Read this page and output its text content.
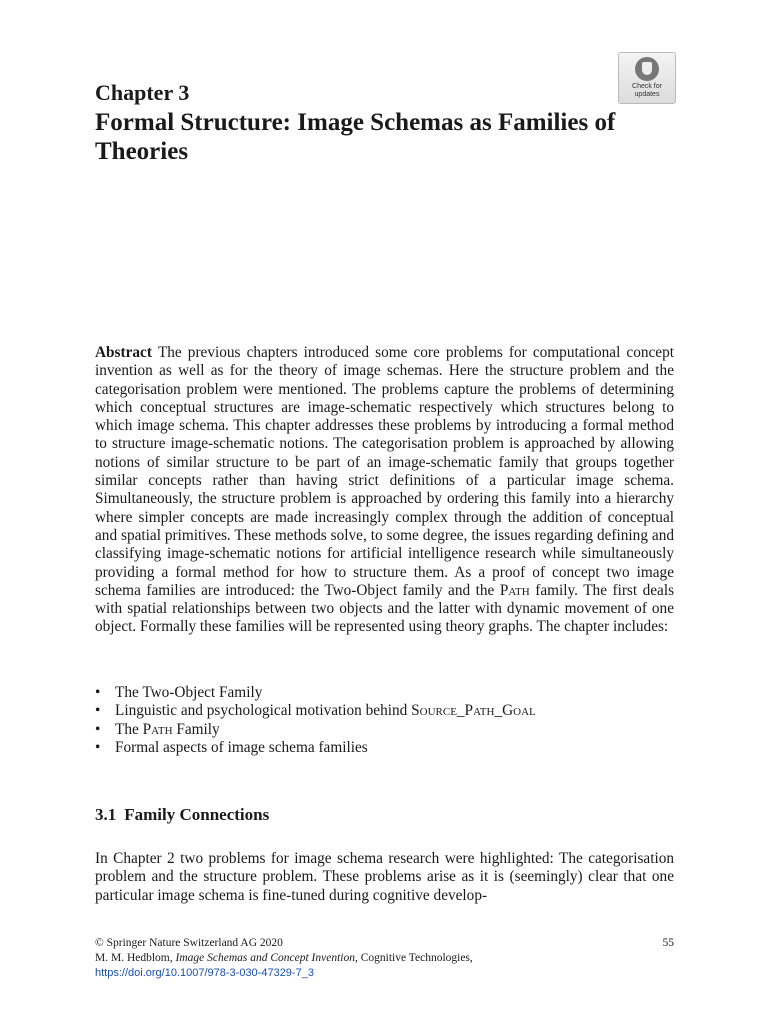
Chapter 3
Formal Structure: Image Schemas as Families of Theories
Check for
updates
Abstract The previous chapters introduced some core problems for computational concept invention as well as for the theory of image schemas. Here the structure problem and the categorisation problem were mentioned. The problems capture the problems of determining which conceptual structures are image-schematic respectively which structures belong to which image schema. This chapter addresses these problems by introducing a formal method to structure image-schematic notions. The categorisation problem is approached by allowing notions of similar structure to be part of an image-schematic family that groups together similar concepts rather than having strict definitions of a particular image schema. Simultaneously, the structure problem is approached by ordering this family into a hierarchy where simpler concepts are made increasingly complex through the addition of conceptual and spatial primitives. These methods solve, to some degree, the issues regarding defining and classifying image-schematic notions for artificial intelligence research while simultaneously providing a formal method for how to structure them. As a proof of concept two image schema families are introduced: the Two-Object family and the Path family. The first deals with spatial relationships between two objects and the latter with dynamic movement of one object. Formally these families will be represented using theory graphs. The chapter includes:
• The Two-Object Family
• Linguistic and psychological motivation behind Source_Path_Goal
• The Path Family
• Formal aspects of image schema families
3.1 Family Connections
In Chapter 2 two problems for image schema research were highlighted: The categorisation problem and the structure problem. These problems arise as it is (seemingly) clear that one particular image schema is fine-tuned during cognitive develop-
© Springer Nature Switzerland AG 2020
M. M. Hedblom, Image Schemas and Concept Invention, Cognitive Technologies,
https://doi.org/10.1007/978-3-030-47329-7_3
55
